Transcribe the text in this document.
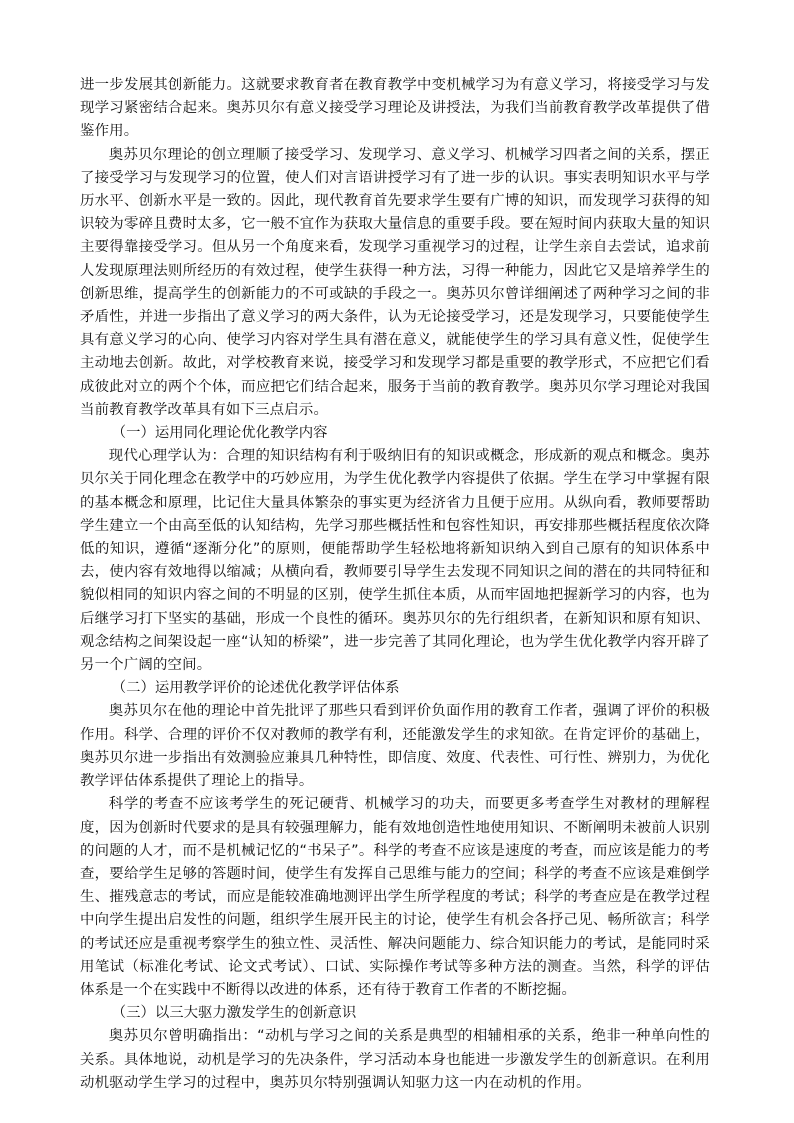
进一步发展其创新能力。这就要求教育者在教育教学中变机械学习为有意义学习，将接受学习与发现学习紧密结合起来。奥苏贝尔有意义接受学习理论及讲授法，为我们当前教育教学改革提供了借鉴作用。

奥苏贝尔理论的创立理顺了接受学习、发现学习、意义学习、机械学习四者之间的关系，摆正了接受学习与发现学习的位置，使人们对言语讲授学习有了进一步的认识。事实表明知识水平与学历水平、创新水平是一致的。因此，现代教育首先要求学生要有广博的知识，而发现学习获得的知识较为零碎且费时太多，它一般不宜作为获取大量信息的重要手段。要在短时间内获取大量的知识主要得靠接受学习。但从另一个角度来看，发现学习重视学习的过程，让学生亲自去尝试，追求前人发现原理法则所经历的有效过程，使学生获得一种方法，习得一种能力，因此它又是培养学生的创新思维，提高学生的创新能力的不可或缺的手段之一。奥苏贝尔曾详细阐述了两种学习之间的非矛盾性，并进一步指出了意义学习的两大条件，认为无论接受学习，还是发现学习，只要能使学生具有意义学习的心向、使学习内容对学生具有潜在意义，就能使学生的学习具有意义性，促使学生主动地去创新。故此，对学校教育来说，接受学习和发现学习都是重要的教学形式，不应把它们看成彼此对立的两个个体，而应把它们结合起来，服务于当前的教育教学。奥苏贝尔学习理论对我国当前教育教学改革具有如下三点启示。

（一）运用同化理论优化教学内容

现代心理学认为：合理的知识结构有利于吸纳旧有的知识或概念，形成新的观点和概念。奥苏贝尔关于同化理念在教学中的巧妙应用，为学生优化教学内容提供了依据。学生在学习中掌握有限的基本概念和原理，比记住大量具体繁杂的事实更为经济省力且便于应用。从纵向看，教师要帮助学生建立一个由高至低的认知结构，先学习那些概括性和包容性知识，再安排那些概括程度依次降低的知识，遵循“逐渐分化”的原则，便能帮助学生轻松地将新知识纳入到自己原有的知识体系中去，使内容有效地得以缩减；从横向看，教师要引导学生去发现不同知识之间的潜在的共同特征和貌似相同的知识内容之间的不明显的区别，使学生抓住本质，从而牢固地把握新学习的内容，也为后继学习打下坚实的基础，形成一个良性的循环。奥苏贝尔的先行组织者，在新知识和原有知识、观念结构之间架设起一座“认知的桥梁”，进一步完善了其同化理论，也为学生优化教学内容开辟了另一个广阔的空间。

（二）运用教学评价的论述优化教学评估体系

奥苏贝尔在他的理论中首先批评了那些只看到评价负面作用的教育工作者，强调了评价的积极作用。科学、合理的评价不仅对教师的教学有利，还能激发学生的求知欲。在肯定评价的基础上，奥苏贝尔进一步指出有效测验应兼具几种特性，即信度、效度、代表性、可行性、辨别力，为优化教学评估体系提供了理论上的指导。

科学的考查不应该考学生的死记硬背、机械学习的功夫，而要更多考查学生对教材的理解程度，因为创新时代要求的是具有较强理解力，能有效地创造性地使用知识、不断阐明未被前人识别的问题的人才，而不是机械记忆的“书呆子”。科学的考查不应该是速度的考查，而应该是能力的考查，要给学生足够的答题时间，使学生有发挥自己思维与能力的空间；科学的考查不应该是难倒学生、摧残意志的考试，而应是能较准确地测评出学生所学程度的考试；科学的考查应是在教学过程中向学生提出启发性的问题，组织学生展开民主的讨论，使学生有机会各抒己见、畅所欲言；科学的考试还应是重视考察学生的独立性、灵活性、解决问题能力、综合知识能力的考试，是能同时采用笔试（标准化考试、论文式考试）、口试、实际操作考试等多种方法的测查。当然，科学的评估体系是一个在实践中不断得以改进的体系，还有待于教育工作者的不断挖掘。

（三）以三大驱力激发学生的创新意识

奥苏贝尔曾明确指出：“动机与学习之间的关系是典型的相辅相承的关系，绝非一种单向性的关系。具体地说，动机是学习的先决条件，学习活动本身也能进一步激发学生的创新意识。在利用动机驱动学生学习的过程中，奥苏贝尔特别强调认知驱力这一内在动机的作用。
